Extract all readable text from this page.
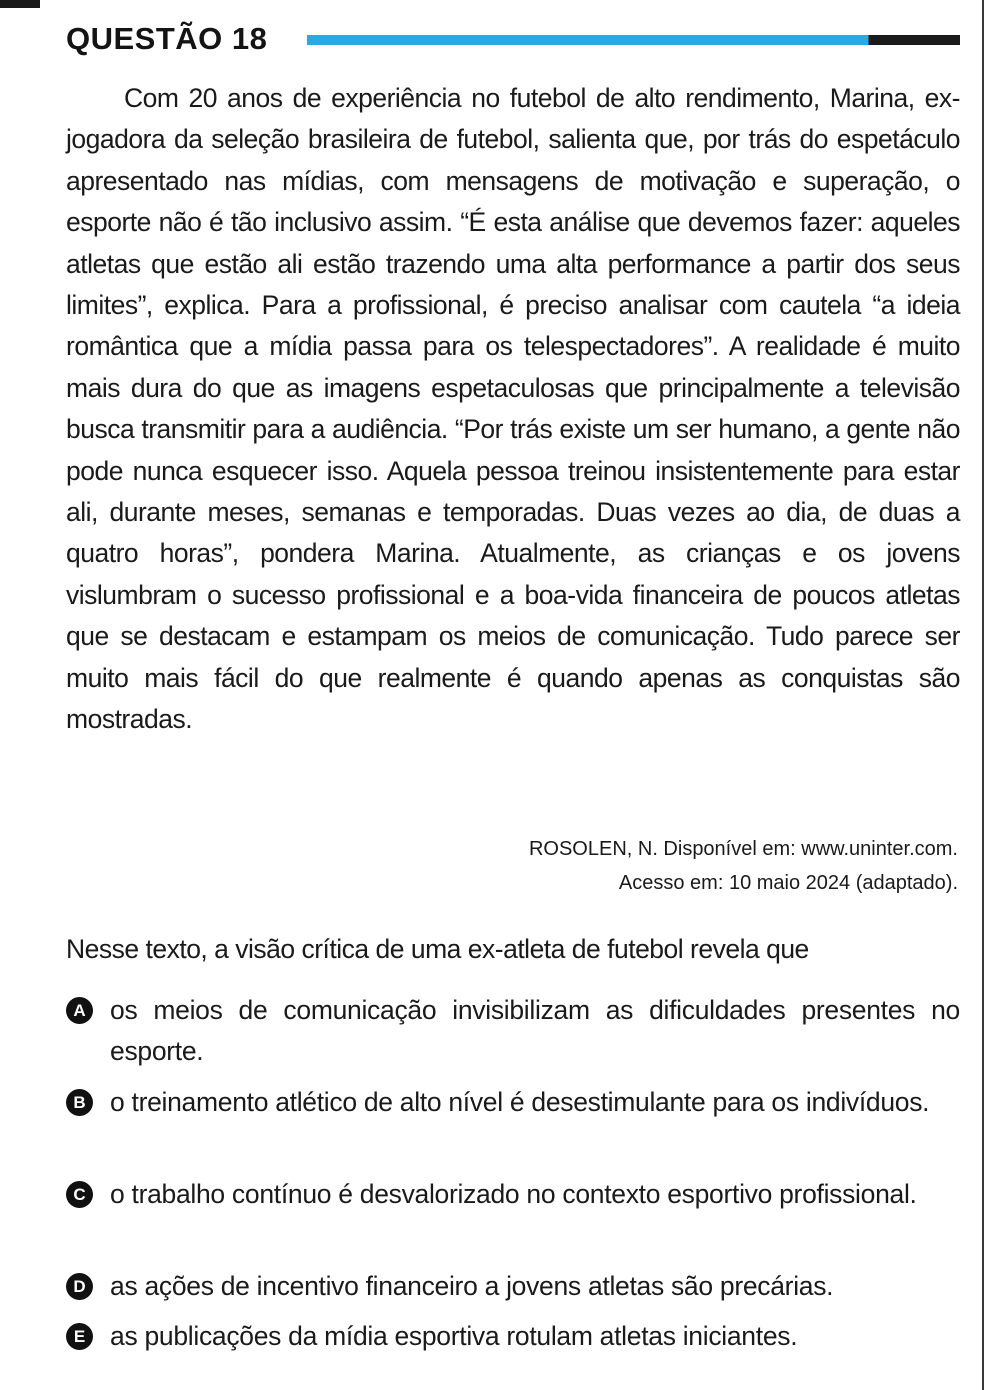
QUESTÃO 18
Com 20 anos de experiência no futebol de alto rendimento, Marina, ex-jogadora da seleção brasileira de futebol, salienta que, por trás do espetáculo apresentado nas mídias, com mensagens de motivação e superação, o esporte não é tão inclusivo assim. “É esta análise que devemos fazer: aqueles atletas que estão ali estão trazendo uma alta performance a partir dos seus limites”, explica. Para a profissional, é preciso analisar com cautela “a ideia romântica que a mídia passa para os telespectadores”. A realidade é muito mais dura do que as imagens espetaculosas que principalmente a televisão busca transmitir para a audiência. “Por trás existe um ser humano, a gente não pode nunca esquecer isso. Aquela pessoa treinou insistentemente para estar ali, durante meses, semanas e temporadas. Duas vezes ao dia, de duas a quatro horas”, pondera Marina. Atualmente, as crianças e os jovens vislumbram o sucesso profissional e a boa-vida financeira de poucos atletas que se destacam e estampam os meios de comunicação. Tudo parece ser muito mais fácil do que realmente é quando apenas as conquistas são mostradas.
ROSOLEN, N. Disponível em: www.uninter.com.
Acesso em: 10 maio 2024 (adaptado).
Nesse texto, a visão crítica de uma ex-atleta de futebol revela que
A os meios de comunicação invisibilizam as dificuldades presentes no esporte.
B o treinamento atlético de alto nível é desestimulante para os indivíduos.
C o trabalho contínuo é desvalorizado no contexto esportivo profissional.
D as ações de incentivo financeiro a jovens atletas são precárias.
E as publicações da mídia esportiva rotulam atletas iniciantes.
